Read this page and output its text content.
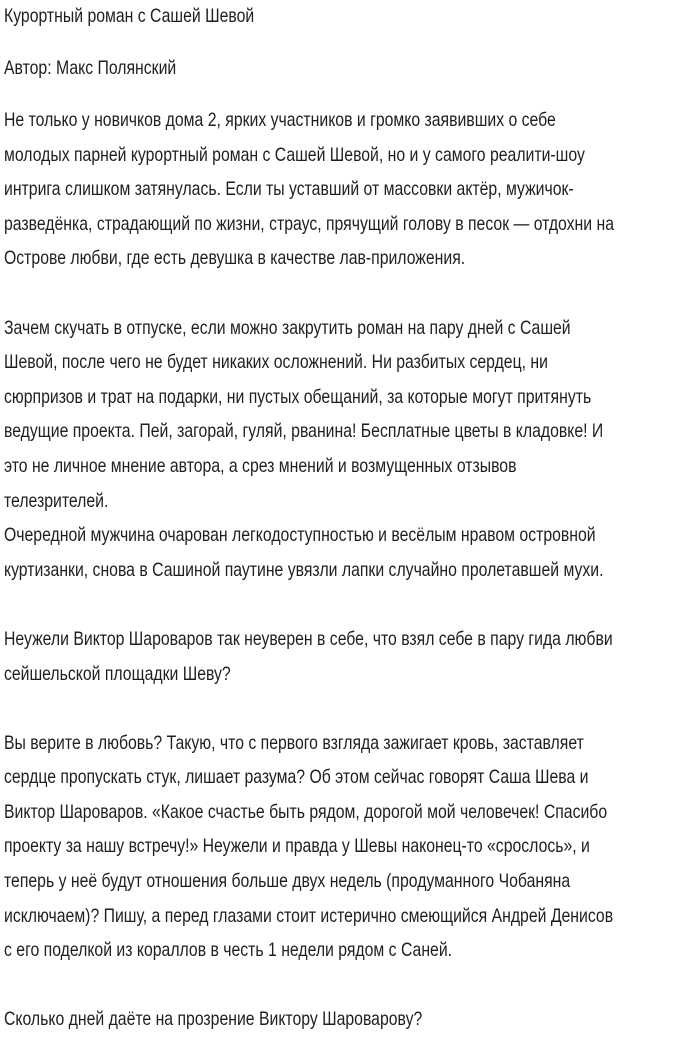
Курортный роман с Сашей Шевой
Автор: Макс Полянский
Не только у новичков дома 2, ярких участников и громко заявивших о себе
молодых парней курортный роман с Сашей Шевой, но и у самого реалити-шоу
интрига слишком затянулась. Если ты уставший от массовки актёр, мужичок-
разведёнка, страдающий по жизни, страус, прячущий голову в песок — отдохни на
Острове любви, где есть девушка в качестве лав-приложения.
Зачем скучать в отпуске, если можно закрутить роман на пару дней с Сашей
Шевой, после чего не будет никаких осложнений. Ни разбитых сердец, ни
сюрпризов и трат на подарки, ни пустых обещаний, за которые могут притянуть
ведущие проекта. Пей, загорай, гуляй, рванина! Бесплатные цветы в кладовке! И
это не личное мнение автора, а срез мнений и возмущенных отзывов
телезрителей.
Очередной мужчина очарован легкодоступностью и весёлым нравом островной
куртизанки, снова в Сашиной паутине увязли лапки случайно пролетавшей мухи.
Неужели Виктор Шароваров так неуверен в себе, что взял себе в пару гида любви
сейшельской площадки Шеву?
Вы верите в любовь? Такую, что с первого взгляда зажигает кровь, заставляет
сердце пропускать стук, лишает разума? Об этом сейчас говорят Саша Шева и
Виктор Шароваров. «Какое счастье быть рядом, дорогой мой человечек! Спасибо
проекту за нашу встречу!» Неужели и правда у Шевы наконец-то «срослось», и
теперь у неё будут отношения больше двух недель (продуманного Чобаняна
исключаем)? Пишу, а перед глазами стоит истерично смеющийся Андрей Денисов
с его поделкой из кораллов в честь 1 недели рядом с Саней.
Сколько дней даёте на прозрение Виктору Шароварову?
